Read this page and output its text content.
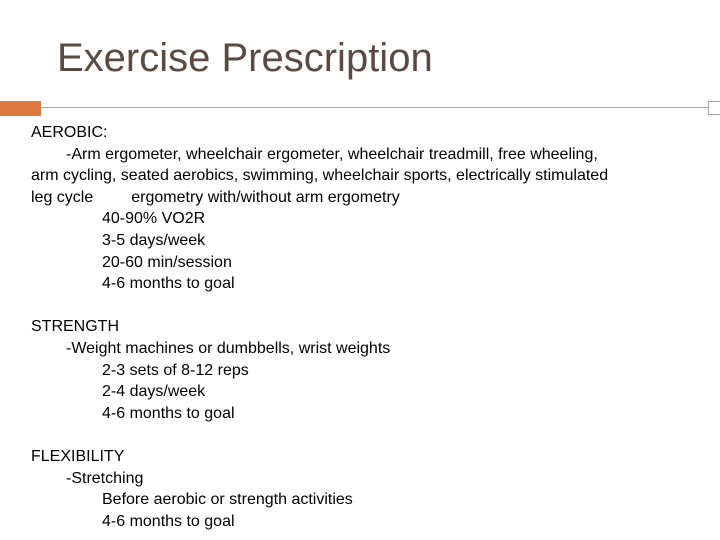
Exercise Prescription
AEROBIC:
-Arm ergometer, wheelchair ergometer, wheelchair treadmill, free wheeling,
arm cycling, seated aerobics, swimming, wheelchair sports, electrically stimulated
leg cycle ergometry with/without arm ergometry
40-90% VO2R
3-5 days/week
20-60 min/session
4-6 months to goal
STRENGTH
-Weight machines or dumbbells, wrist weights
2-3 sets of 8-12 reps
2-4 days/week
4-6 months to goal
FLEXIBILITY
-Stretching
Before aerobic or strength activities
4-6 months to goal
